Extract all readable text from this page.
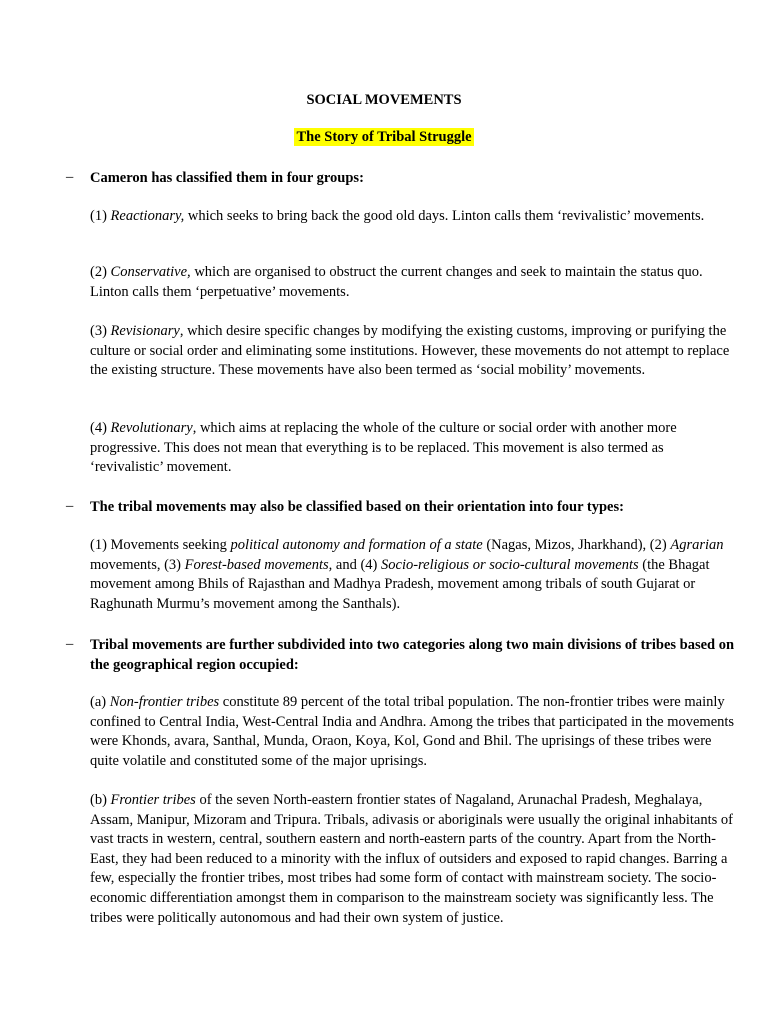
SOCIAL MOVEMENTS
The Story of Tribal Struggle
– Cameron has classified them in four groups:
(1) Reactionary, which seeks to bring back the good old days. Linton calls them ‘revivalistic’ movements.
(2) Conservative, which are organised to obstruct the current changes and seek to maintain the status quo. Linton calls them ‘perpetuative’ movements.
(3) Revisionary, which desire specific changes by modifying the existing customs, improving or purifying the culture or social order and eliminating some institutions. However, these movements do not attempt to replace the existing structure. These movements have also been termed as ‘social mobility’ movements.
(4) Revolutionary, which aims at replacing the whole of the culture or social order with another more progressive. This does not mean that everything is to be replaced. This movement is also termed as ‘revivalistic’ movement.
– The tribal movements may also be classified based on their orientation into four types:
(1) Movements seeking political autonomy and formation of a state (Nagas, Mizos, Jharkhand), (2) Agrarian movements, (3) Forest-based movements, and (4) Socio-religious or socio-cultural movements (the Bhagat movement among Bhils of Rajasthan and Madhya Pradesh, movement among tribals of south Gujarat or Raghunath Murmu’s movement among the Santhals).
– Tribal movements are further subdivided into two categories along two main divisions of tribes based on the geographical region occupied:
(a) Non-frontier tribes constitute 89 percent of the total tribal population. The non-frontier tribes were mainly confined to Central India, West-Central India and Andhra. Among the tribes that participated in the movements were Khonds, avara, Santhal, Munda, Oraon, Koya, Kol, Gond and Bhil. The uprisings of these tribes were quite volatile and constituted some of the major uprisings.
(b) Frontier tribes of the seven North-eastern frontier states of Nagaland, Arunachal Pradesh, Meghalaya, Assam, Manipur, Mizoram and Tripura. Tribals, adivasis or aboriginals were usually the original inhabitants of vast tracts in western, central, southern eastern and north-eastern parts of the country. Apart from the North-East, they had been reduced to a minority with the influx of outsiders and exposed to rapid changes. Barring a few, especially the frontier tribes, most tribes had some form of contact with mainstream society. The socio-economic differentiation amongst them in comparison to the mainstream society was significantly less. The tribes were politically autonomous and had their own system of justice.
